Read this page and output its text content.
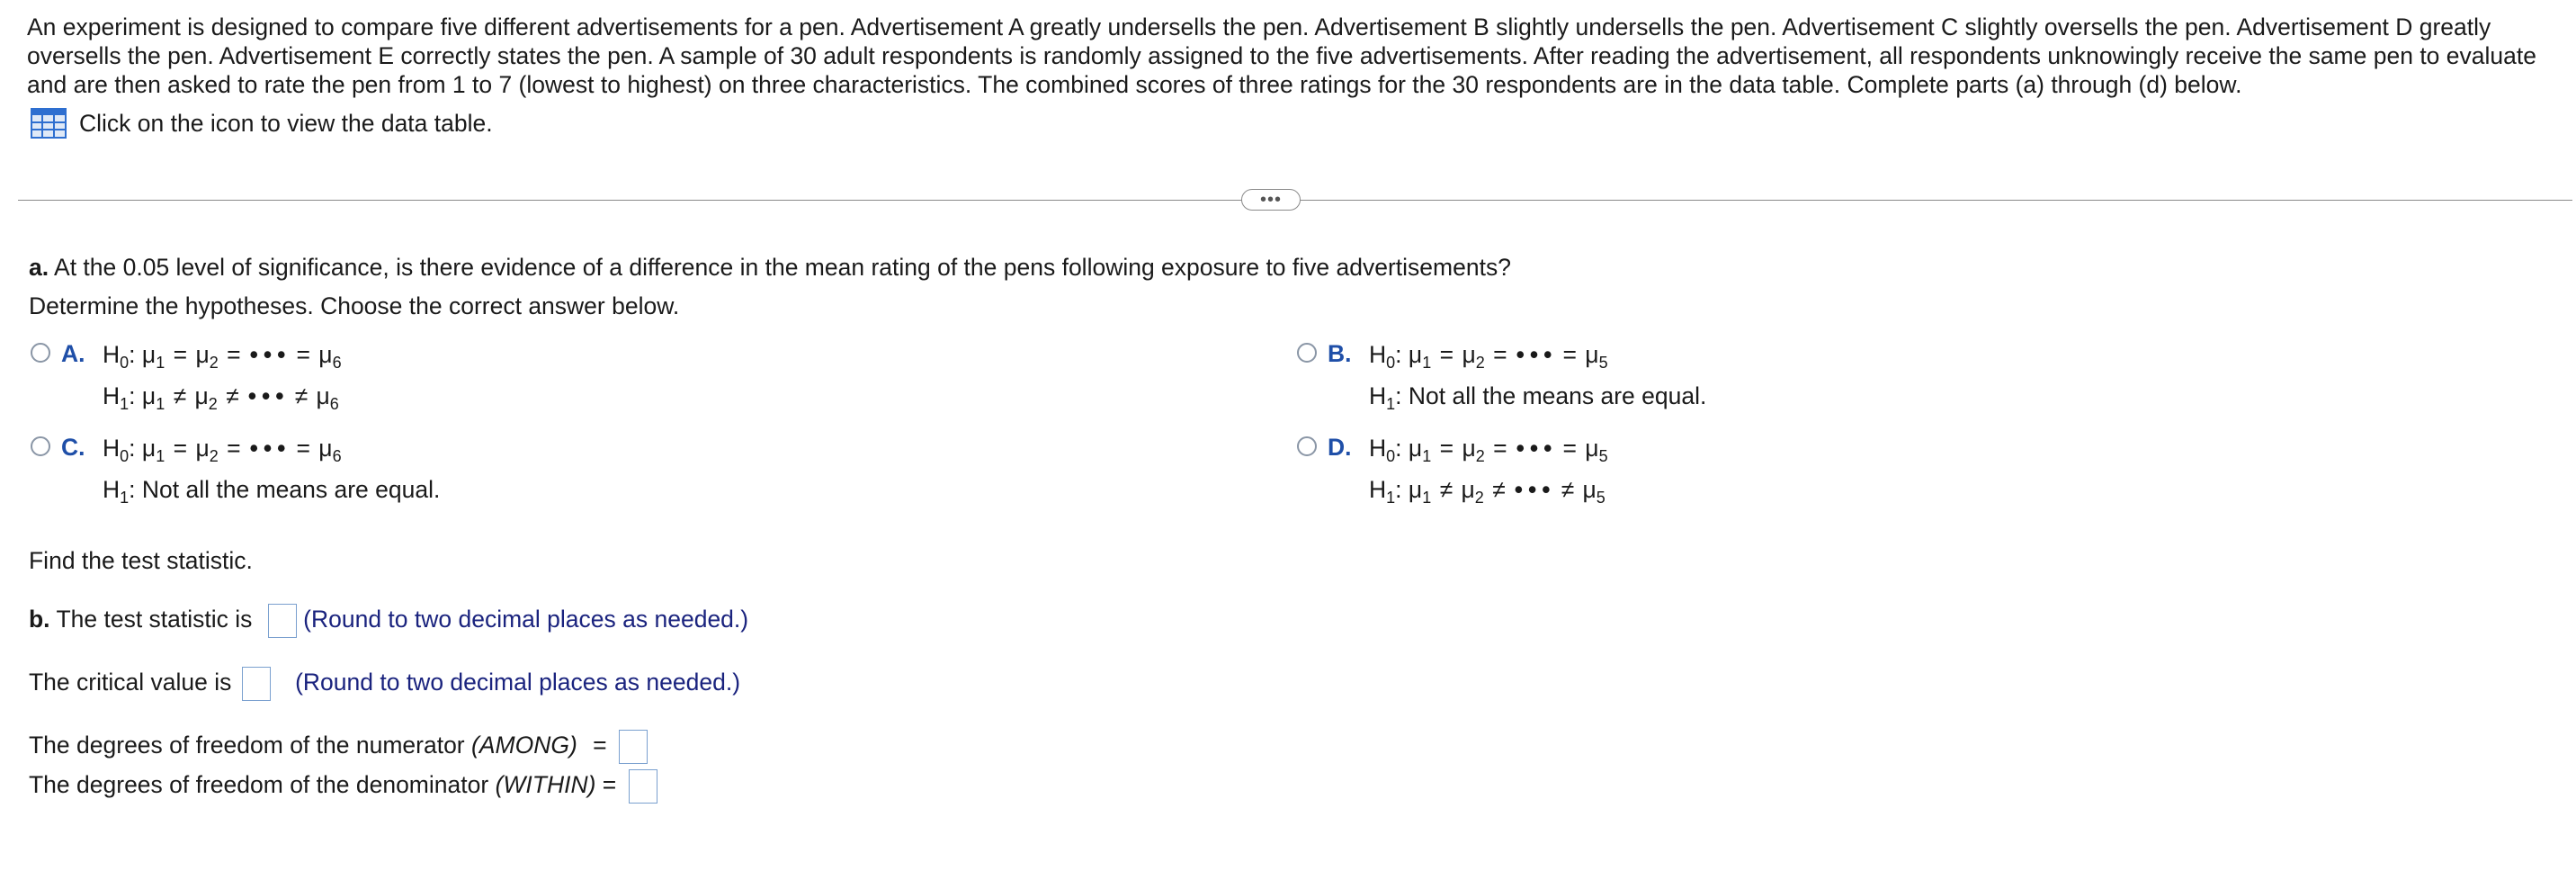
An experiment is designed to compare five different advertisements for a pen. Advertisement A greatly undersells the pen. Advertisement B slightly undersells the pen. Advertisement C slightly oversells the pen. Advertisement D greatly oversells the pen. Advertisement E correctly states the pen. A sample of 30 adult respondents is randomly assigned to the five advertisements. After reading the advertisement, all respondents unknowingly receive the same pen to evaluate and are then asked to rate the pen from 1 to 7 (lowest to highest) on three characteristics. The combined scores of three ratings for the 30 respondents are in the data table. Complete parts (a) through (d) below.
Click on the icon to view the data table.
•••
a. At the 0.05 level of significance, is there evidence of a difference in the mean rating of the pens following exposure to five advertisements?
Determine the hypotheses. Choose the correct answer below.
A. $H_0$: $\mu_1 = \mu_2$ = ••• = $\mu_6$
$H_1$: $\mu_1 \ne \mu_2$ ≠ ••• ≠ $\mu_6$
B. $H_0$: $\mu_1 = \mu_2$ = ••• = $\mu_5$
$H_1$: Not all the means are equal.
C. $H_0$: $\mu_1 = \mu_2$ = ••• = $\mu_6$
$H_1$: Not all the means are equal.
D. $H_0$: $\mu_1 = \mu_2$ = ••• = $\mu_5$
$H_1$: $\mu_1 \ne \mu_2$ ≠ ••• ≠ $\mu_5$
Find the test statistic.
b. The test statistic is (Round to two decimal places as needed.)
The critical value is	(Round to two decimal places as needed.)
The degrees of freedom of the numerator (AMONG) =
The degrees of freedom of the denominator (WITHIN) =
